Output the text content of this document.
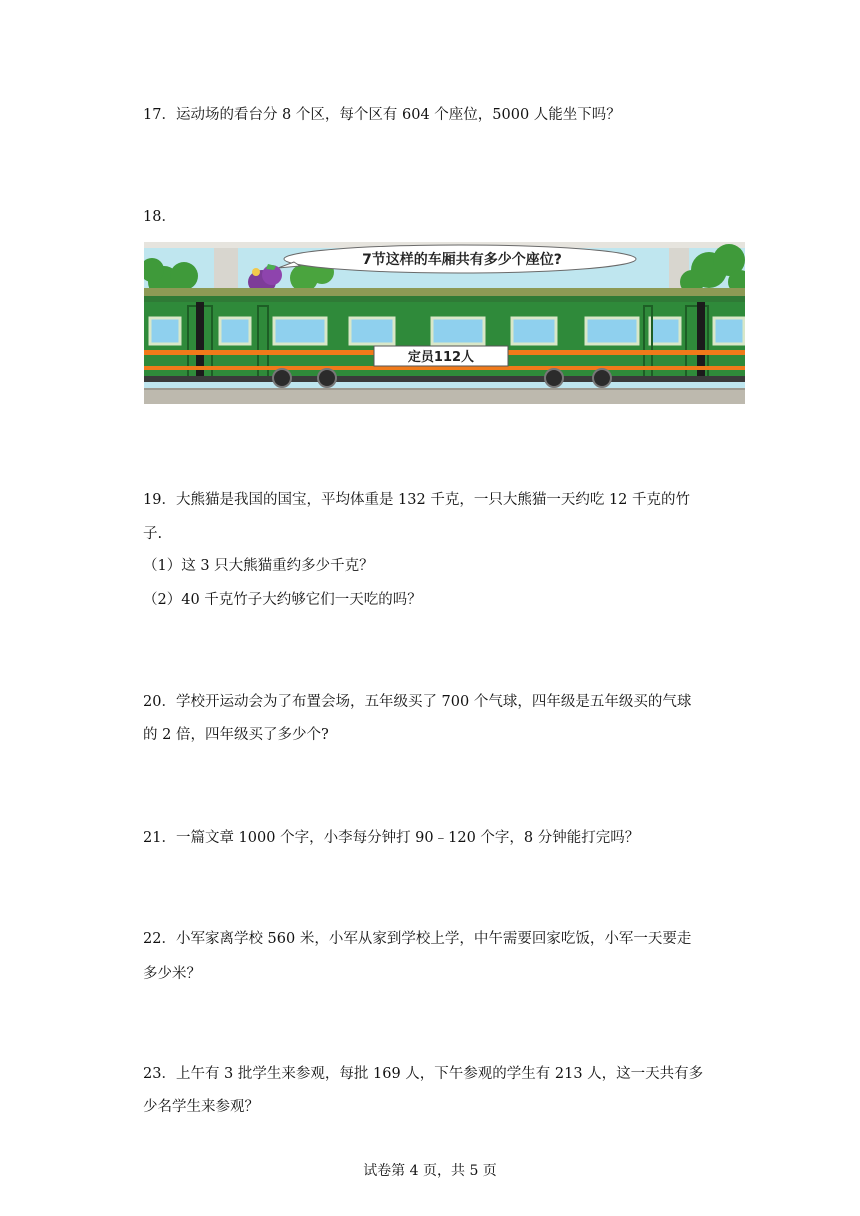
17．运动场的看台分 8 个区，每个区有 604 个座位，5000 人能坐下吗？
18．
7节这样的车厢共有多少个座位?
定员112人
19．大熊猫是我国的国宝，平均体重是 132 千克，一只大熊猫一天约吃 12 千克的竹
子.
（1）这 3 只大熊猫重约多少千克？
（2）40 千克竹子大约够它们一天吃的吗？
20．学校开运动会为了布置会场，五年级买了 700 个气球，四年级是五年级买的气球
的 2 倍，四年级买了多少个?
21．一篇文章 1000 个字，小李每分钟打 90﹣120 个字，8 分钟能打完吗？
22．小军家离学校 560 米，小军从家到学校上学，中午需要回家吃饭，小军一天要走
多少米？
23．上午有 3 批学生来参观，每批 169 人，下午参观的学生有 213 人，这一天共有多
少名学生来参观？
试卷第 4 页，共 5 页
